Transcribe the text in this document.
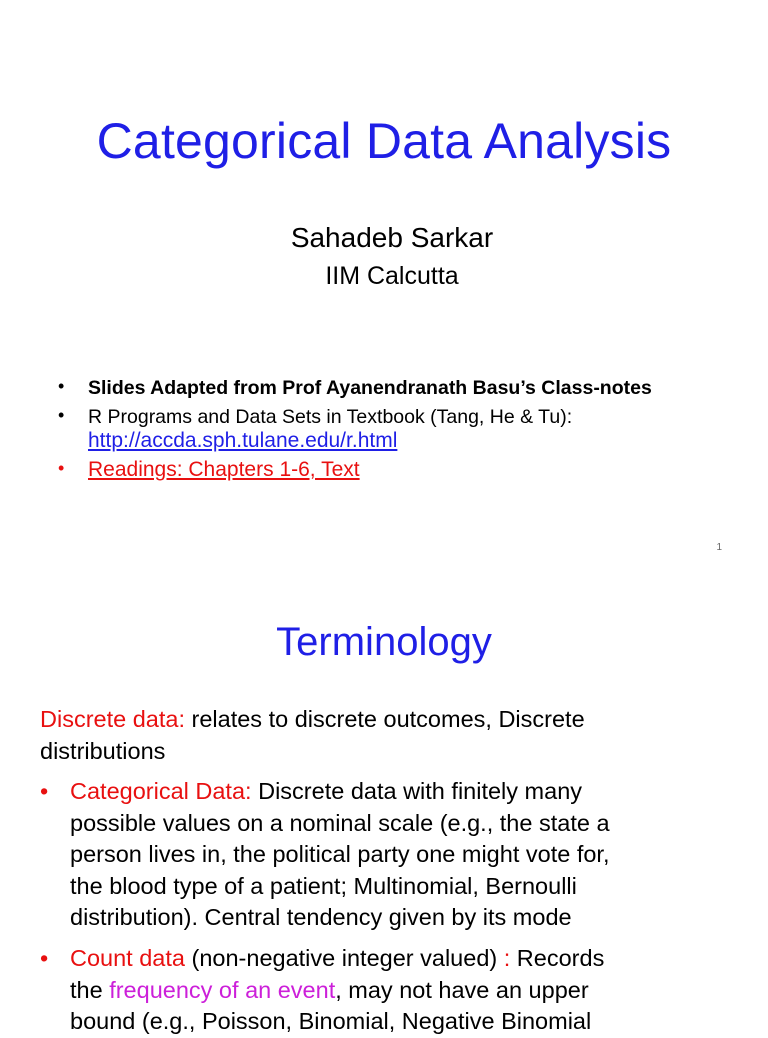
Categorical Data Analysis
Sahadeb Sarkar
IIM Calcutta
• Slides Adapted from Prof Ayanendranath Basu’s Class-notes
• R Programs and Data Sets in Textbook (Tang, He & Tu):
http://accda.sph.tulane.edu/r.html
• Readings: Chapters 1-6, Text
1
Terminology
Discrete data: relates to discrete outcomes, Discrete
distributions
• Categorical Data: Discrete data with finitely many
possible values on a nominal scale (e.g., the state a
person lives in, the political party one might vote for,
the blood type of a patient; Multinomial, Bernoulli
distribution). Central tendency given by its mode
• Count data (non-negative integer valued) : Records
the frequency of an event, may not have an upper
bound (e.g., Poisson, Binomial, Negative Binomial
